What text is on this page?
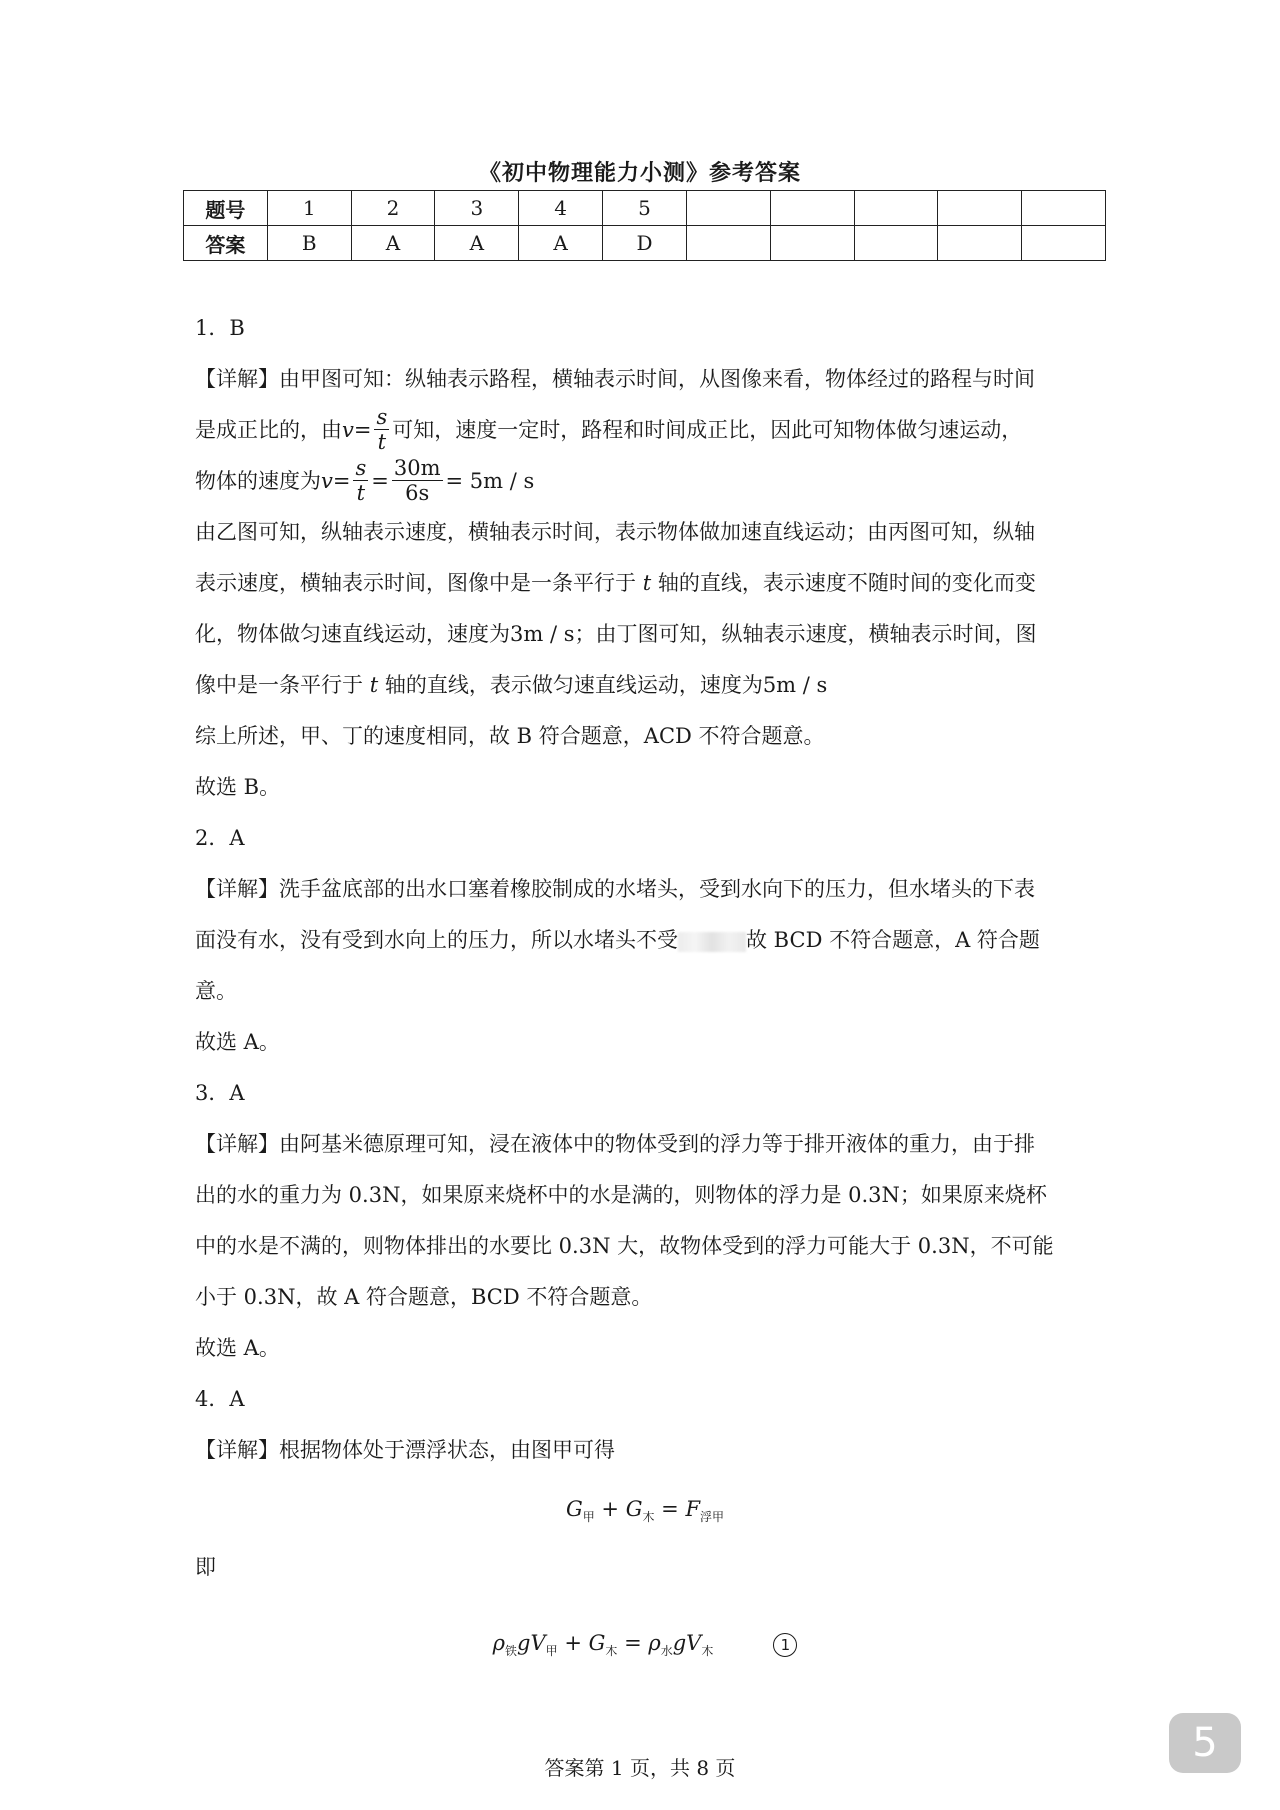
《初中物理能力小测》参考答案
题号	1	2	3	4	5					
答案	B	A	A	A	D					

1．B

【详解】由甲图可知：纵轴表示路程，横轴表示时间，从图像来看，物体经过的路程与时间

是成正比的，由$v= \frac{s}{t}$ 可知，速度一定时，路程和时间成正比，因此可知物体做匀速运动，

物体的速度为$v= \frac{s}{t} = \frac{30m}{6s} = 5m / s$

由乙图可知，纵轴表示速度，横轴表示时间，表示物体做加速直线运动；由丙图可知，纵轴

表示速度，横轴表示时间，图像中是一条平行于 t 轴的直线，表示速度不随时间的变化而变

化，物体做匀速直线运动，速度为3m / s；由丁图可知，纵轴表示速度，横轴表示时间，图

像中是一条平行于 t 轴的直线，表示做匀速直线运动，速度为5m / s

综上所述，甲、丁的速度相同，故 B 符合题意，ACD 不符合题意。

故选 B。

2．A

【详解】洗手盆底部的出水口塞着橡胶制成的水堵头，受到水向下的压力，但水堵头的下表

面没有水，没有受到水向上的压力，所以水堵头不受	故 BCD 不符合题意，A 符合题

意。

故选 A。

3．A

【详解】由阿基米德原理可知，浸在液体中的物体受到的浮力等于排开液体的重力，由于排

出的水的重力为 0.3N，如果原来烧杯中的水是满的，则物体的浮力是 0.3N；如果原来烧杯

中的水是不满的，则物体排出的水要比 0.3N 大，故物体受到的浮力可能大于 0.3N，不可能

小于 0.3N，故 A 符合题意，BCD 不符合题意。

故选 A。

4．A

【详解】根据物体处于漂浮状态，由图甲可得

$G_甲 + G_木 = F_{浮甲}$

即

$\rho_铁gV_甲 + G_木 = \rho_水gV_木$	1

答案第 1 页，共 8 页
5
